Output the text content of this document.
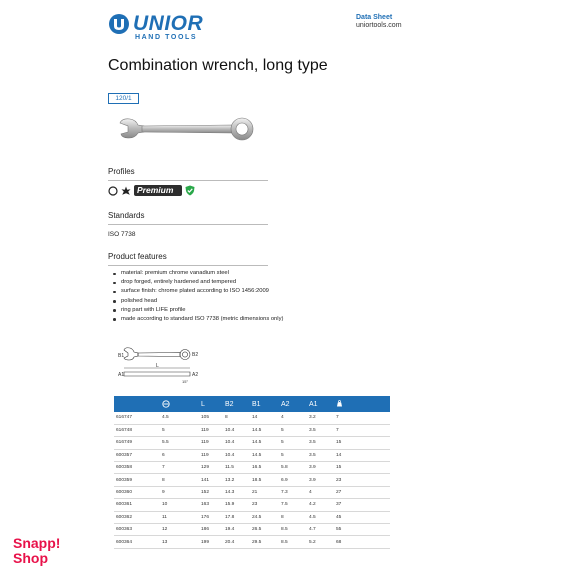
UNIOR
HAND TOOLS
Data Sheet
uniortools.com
Combination wrench, long type
120/1
Profiles
Premium
Standards
ISO 7738
Product features
material: premium chrome vanadium steel
drop forged, entirely hardened and tempered
surface finish: chrome plated according to ISO 1456:2009
polished head
ring part with LIFE profile
made according to standard ISO 7738 (metric dimensions only)
B1	B2
L
A1	A2
15°
		L	B2	B1	A2	A1	
616747	4.5	105	8	14	4	3.2	7
616748	5	119	10.4	14.5	5	3.5	7
616749	5.5	119	10.4	14.5	5	3.5	15
600357	6	119	10.4	14.5	5	3.5	14
600358	7	129	11.5	16.5	5.8	3.9	15
600359	8	141	13.2	18.5	6.9	3.9	23
600360	9	152	14.3	21	7.3	4	27
600361	10	163	15.9	23	7.5	4.2	37
600362	11	176	17.8	24.5	8	4.5	45
600363	12	186	19.4	26.5	8.5	4.7	55
600364	13	199	20.4	29.5	8.5	5.2	68
Snapp!
Shop
